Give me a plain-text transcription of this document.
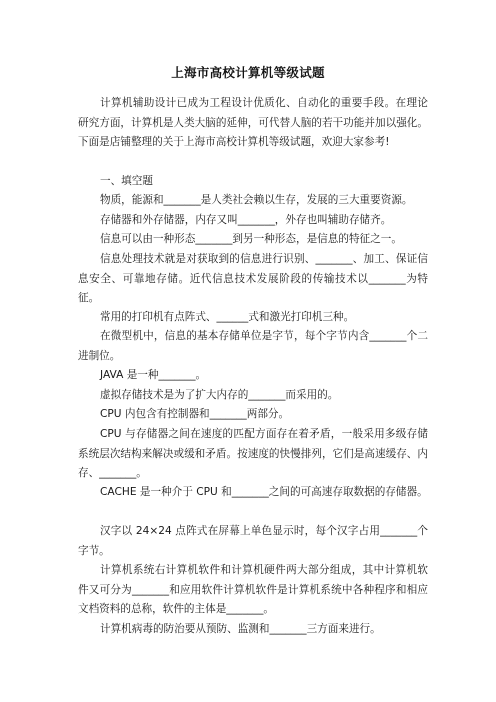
上海市高校计算机等级试题

计算机辅助设计已成为工程设计优质化、自动化的重要手段。在理论研究方面，计算机是人类大脑的延伸，可代替人脑的若干功能并加以强化。下面是店铺整理的关于上海市高校计算机等级试题，欢迎大家参考!

一、填空题

物质，能源和_______是人类社会赖以生存，发展的三大重要资源。

存储器和外存储器，内存又叫_______，外存也叫辅助存储齐。

信息可以由一种形态_______到另一种形态，是信息的特征之一。

信息处理技术就是对获取到的信息进行识别、_______、加工、保证信息安全、可靠地存储。近代信息技术发展阶段的传输技术以_______为特征。

常用的打印机有点阵式、______式和激光打印机三种。

在微型机中，信息的基本存储单位是字节，每个字节内含_______个二进制位。

JAVA 是一种_______。

虚拟存储技术是为了扩大内存的_______而采用的。

CPU 内包含有控制器和_______两部分。

CPU 与存储器之间在速度的匹配方面存在着矛盾，一般采用多级存储系统层次结构来解决或缓和矛盾。按速度的快慢排列，它们是高速缓存、内存、_______。

CACHE 是一种介于 CPU 和_______之间的可高速存取数据的存储器。

汉字以 24×24 点阵式在屏幕上单色显示时，每个汉字占用_______个字节。

计算机系统右计算机软件和计算机硬件两大部分组成，其中计算机软件又可分为_______和应用软件计算机软件是计算机系统中各种程序和相应文档资料的总称，软件的主体是_______。

计算机病毒的防治要从预防、监测和_______三方面来进行。
